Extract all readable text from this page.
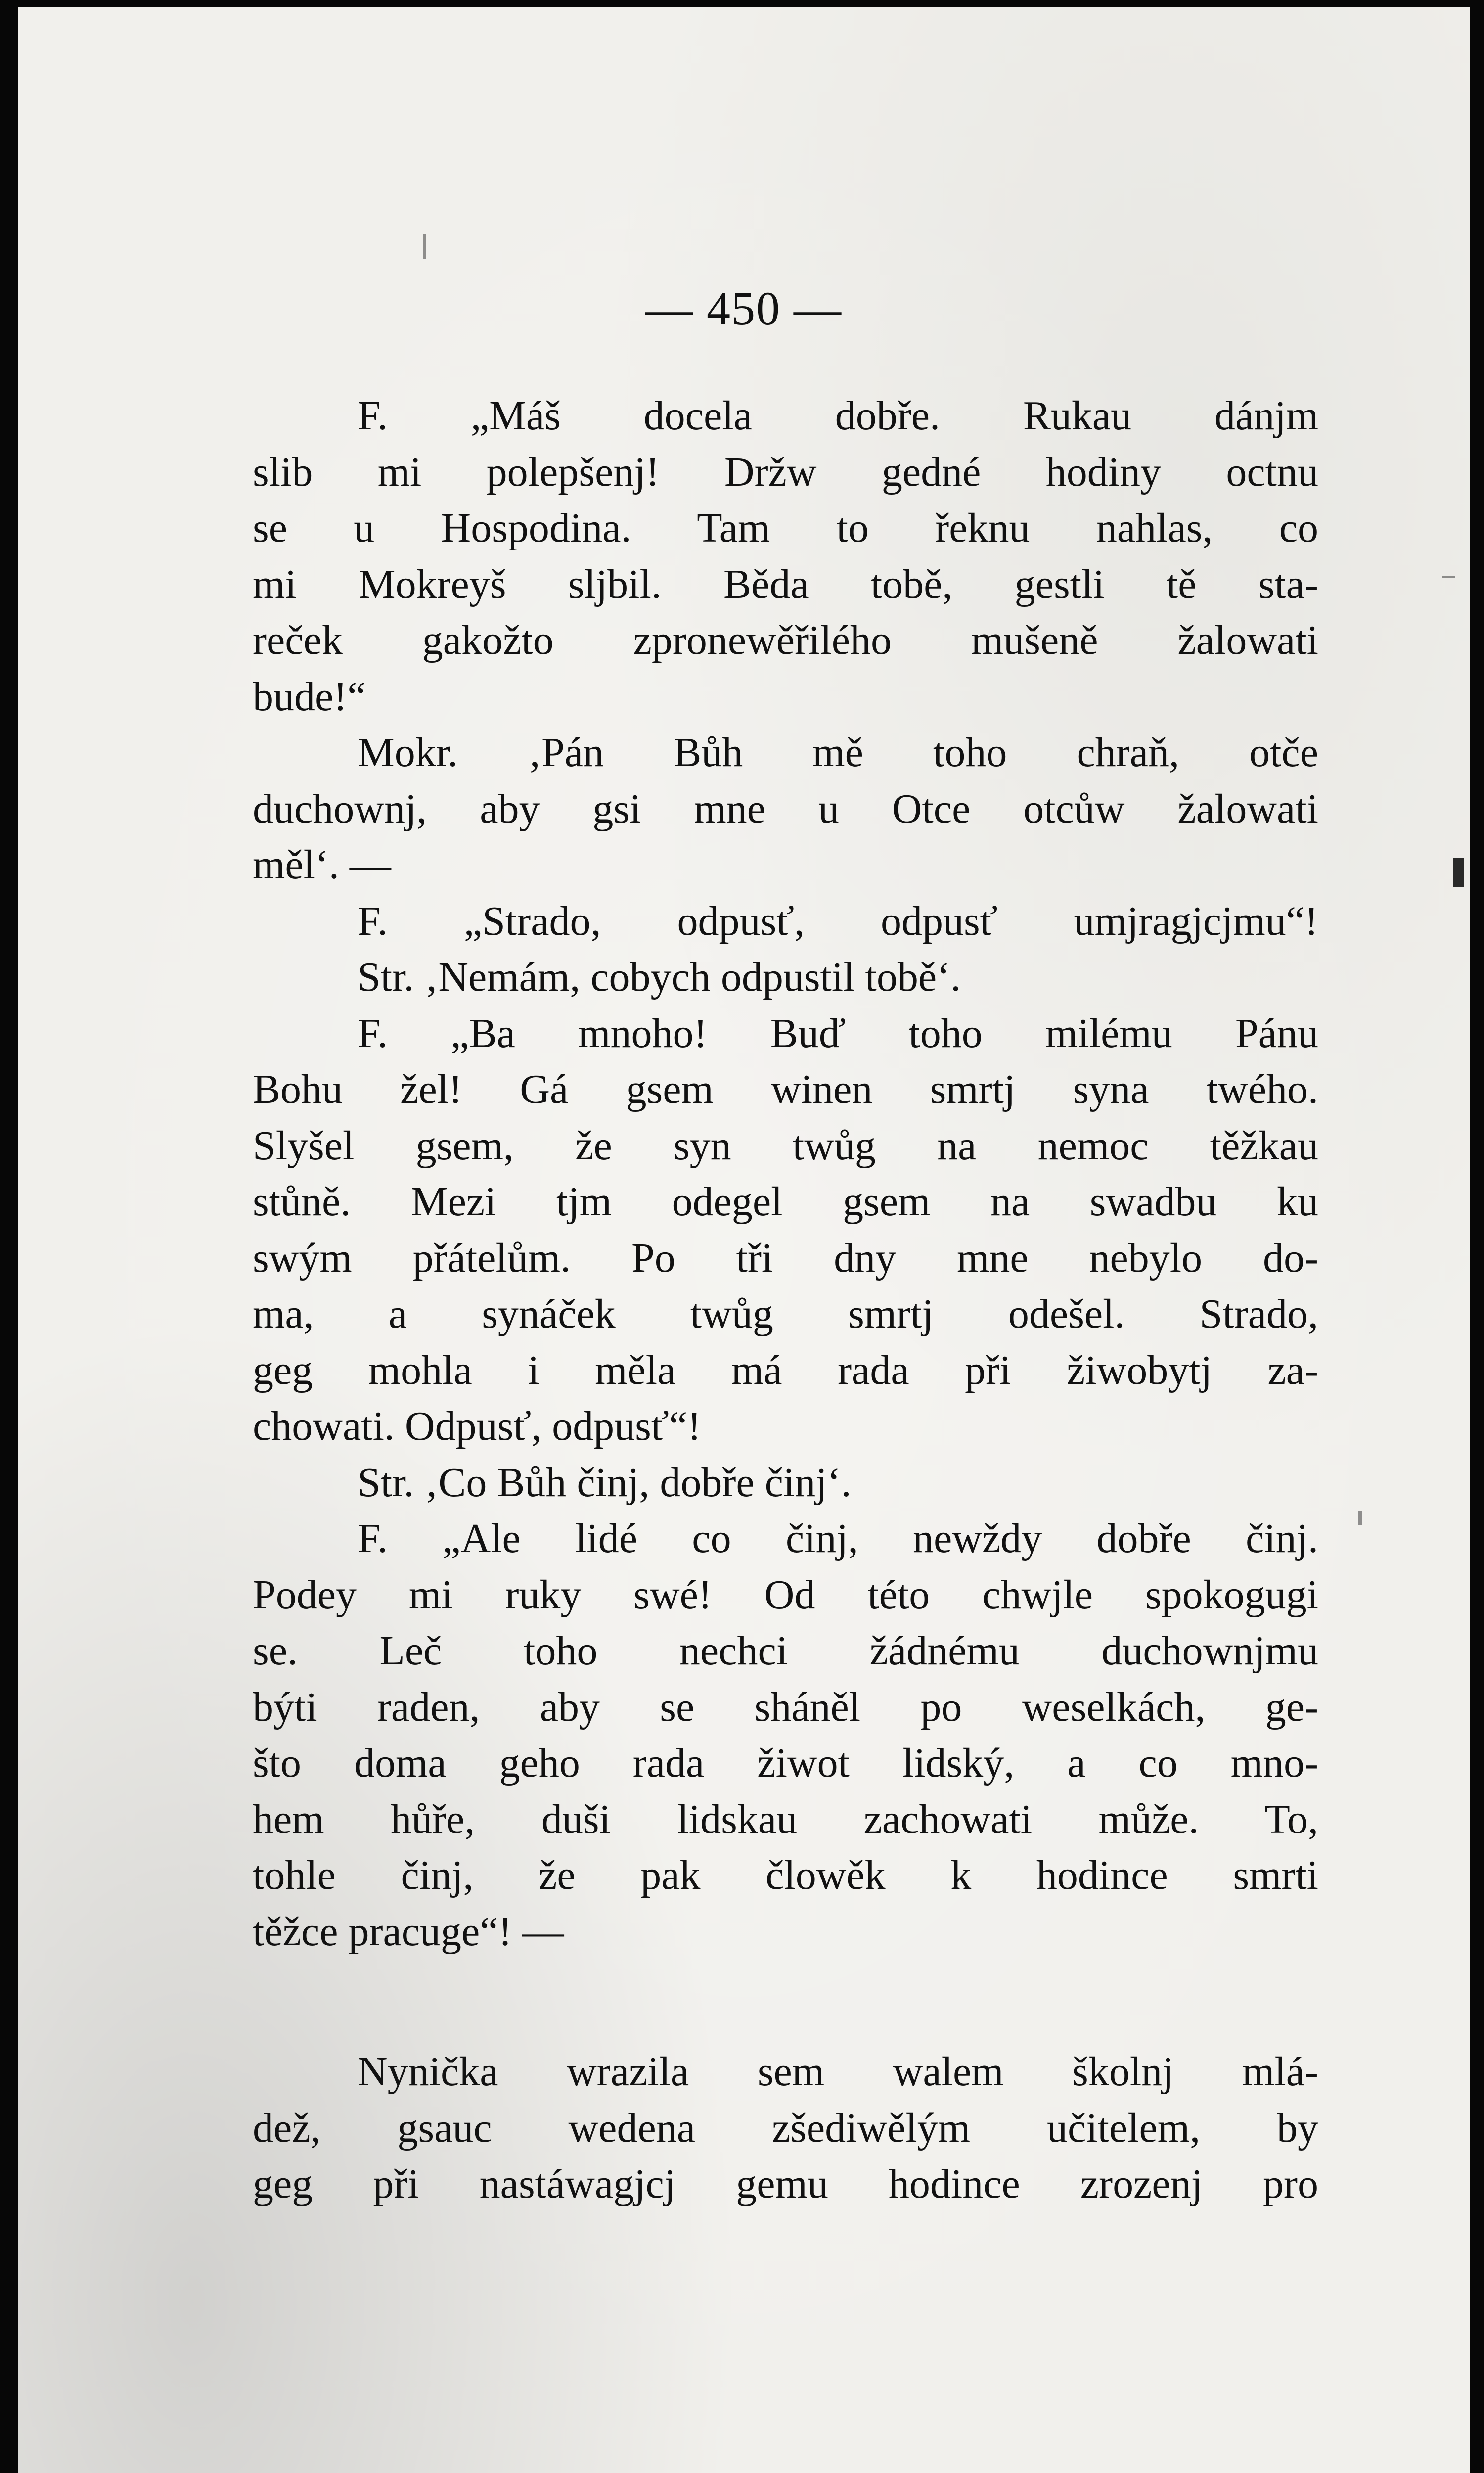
— 450 —
F. „Máš docela dobře. Rukau dánjm
slib mi polepšenj! Držw gedné hodiny octnu
se u Hospodina. Tam to řeknu nahlas, co
mi Mokreyš sljbil. Běda tobě, gestli tě sta-
reček gakožto zpronewěřilého mušeně žalowati
bude!“
Mokr. ‚Pán Bůh mě toho chraň, otče
duchownj, aby gsi mne u Otce otcůw žalowati
měl‘. —
F. „Strado, odpusť, odpusť umjragjcjmu“!
Str. ‚Nemám, cobych odpustil tobě‘.
F. „Ba mnoho! Buď toho milému Pánu
Bohu žel! Gá gsem winen smrtj syna twého.
Slyšel gsem, že syn twůg na nemoc těžkau
stůně. Mezi tjm odegel gsem na swadbu ku
swým přátelům. Po tři dny mne nebylo do-
ma, a synáček twůg smrtj odešel. Strado,
geg mohla i měla má rada při žiwobytj za-
chowati. Odpusť, odpusť“!
Str. ‚Co Bůh činj, dobře činj‘.
F. „Ale lidé co činj, newždy dobře činj.
Podey mi ruky swé! Od této chwjle spokogugi
se. Leč toho nechci žádnému duchownjmu
býti raden, aby se sháněl po weselkách, ge-
što doma geho rada žiwot lidský, a co mno-
hem hůře, duši lidskau zachowati může. To,
tohle činj, že pak člowěk k hodince smrti
těžce pracuge“! —
Nynička wrazila sem walem školnj mlá-
dež, gsauc wedena zšediwělým učitelem, by
geg při nastáwagjcj gemu hodince zrozenj pro
